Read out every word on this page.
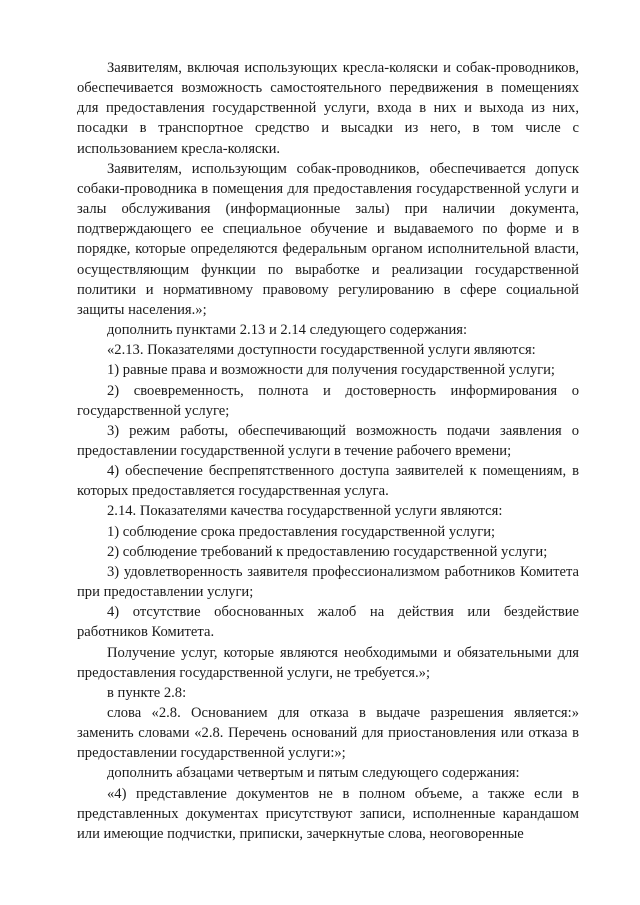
Заявителям, включая использующих кресла-коляски и собак-проводников, обеспечивается возможность самостоятельного передвижения в помещениях для предоставления государственной услуги, входа в них и выхода из них, посадки в транспортное средство и высадки из него, в том числе с использованием кресла-коляски.

Заявителям, использующим собак-проводников, обеспечивается допуск собаки-проводника в помещения для предоставления государственной услуги и залы обслуживания (информационные залы) при наличии документа, подтверждающего ее специальное обучение и выдаваемого по форме и в порядке, которые определяются федеральным органом исполнительной власти, осуществляющим функции по выработке и реализации государственной политики и нормативному правовому регулированию в сфере социальной защиты населения.»;

дополнить пунктами 2.13 и 2.14 следующего содержания:

«2.13. Показателями доступности государственной услуги являются:

1) равные права и возможности для получения государственной услуги;

2) своевременность, полнота и достоверность информирования о государственной услуге;

3) режим работы, обеспечивающий возможность подачи заявления о предоставлении государственной услуги в течение рабочего времени;

4) обеспечение беспрепятственного доступа заявителей к помещениям, в которых предоставляется государственная услуга.

2.14. Показателями качества государственной услуги являются:

1) соблюдение срока предоставления государственной услуги;

2) соблюдение требований к предоставлению государственной услуги;

3) удовлетворенность заявителя профессионализмом работников Комитета при предоставлении услуги;

4) отсутствие обоснованных жалоб на действия или бездействие работников Комитета.

Получение услуг, которые являются необходимыми и обязательными для предоставления государственной услуги, не требуется.»;

в пункте 2.8:

слова «2.8. Основанием для отказа в выдаче разрешения является:» заменить словами «2.8. Перечень оснований для приостановления или отказа в предоставлении государственной услуги:»;

дополнить абзацами четвертым и пятым следующего содержания:

«4) представление документов не в полном объеме, а также если в представленных документах присутствуют записи, исполненные карандашом или имеющие подчистки, приписки, зачеркнутые слова, неоговоренные
